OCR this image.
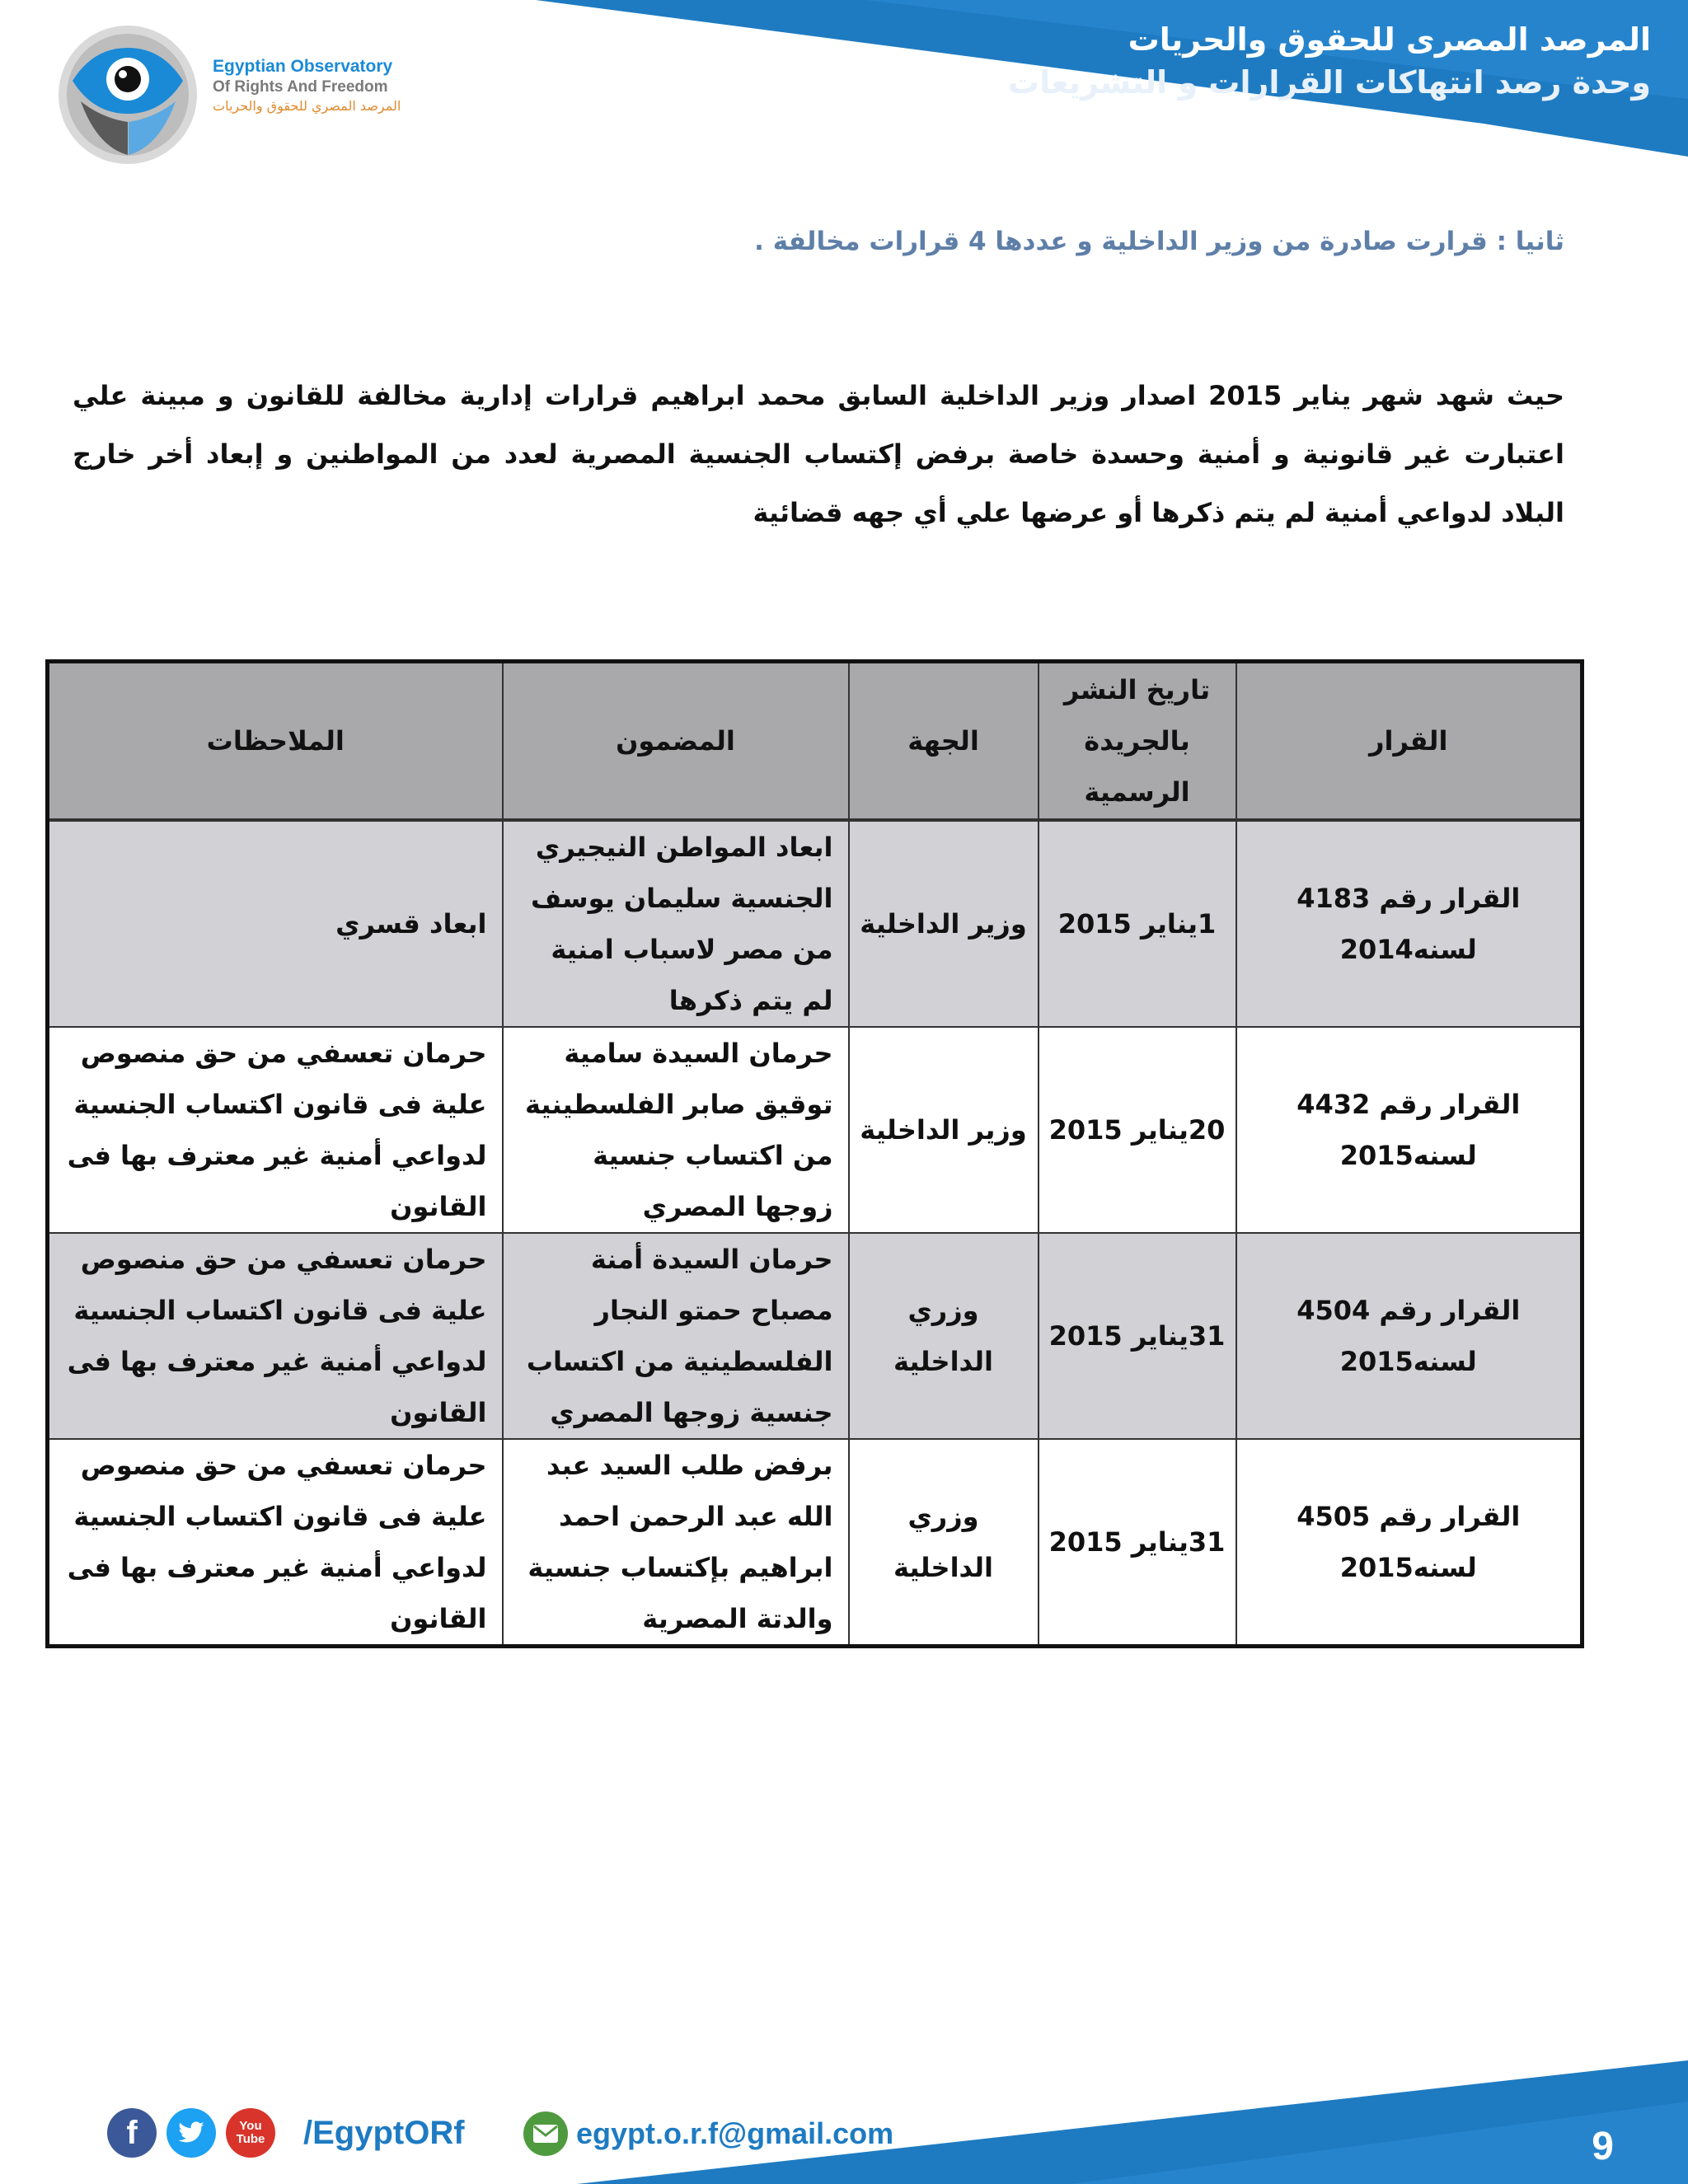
المرصد المصرى للحقوق والحريات
وحدة رصد انتهاكات القرارات و التشريعات
Egyptian Observatory
Of Rights And Freedom
المرصد المصري للحقوق والحريات
ثانيا : قرارت صادرة من وزير الداخلية و عددها 4 قرارات مخالفة .
حيث شهد شهر يناير 2015 اصدار وزير الداخلية السابق محمد ابراهيم قرارات إدارية مخالفة للقانون و مبينة علي اعتبارت غير قانونية و أمنية وحسدة خاصة برفض إكتساب الجنسية المصرية لعدد من المواطنين و إبعاد أخر خارج البلاد لدواعي أمنية لم يتم ذكرها أو عرضها علي أي جهه قضائية
القرار	تاريخ النشر بالجريدة الرسمية	الجهة	المضمون	الملاحظات
القرار رقم 4183 لسنه2014	1يناير 2015	وزير الداخلية	ابعاد المواطن النيجيري الجنسية سليمان يوسف من مصر لاسباب امنية لم يتم ذكرها	ابعاد قسري
القرار رقم 4432 لسنه2015	20يناير 2015	وزير الداخلية	حرمان السيدة سامية توقيق صابر الفلسطينية من اكتساب جنسية زوجها المصري	حرمان تعسفي من حق منصوص علية فى قانون اكتساب الجنسية لدواعي أمنية غير معترف بها فى القانون
القرار رقم 4504 لسنه2015	31يناير 2015	وزري الداخلية	حرمان السيدة أمنة مصباح حمتو النجار الفلسطينية من اكتساب جنسية زوجها المصري	حرمان تعسفي من حق منصوص علية فى قانون اكتساب الجنسية لدواعي أمنية غير معترف بها فى القانون
القرار رقم 4505 لسنه2015	31يناير 2015	وزري الداخلية	برفض طلب السيد عبد الله عبد الرحمن احمد ابراهيم بإكتساب جنسية والدتة المصرية	حرمان تعسفي من حق منصوص علية فى قانون اكتساب الجنسية لدواعي أمنية غير معترف بها فى القانون
9
f	You
Tube /EgyptORf	egypt.o.r.f@gmail.com
